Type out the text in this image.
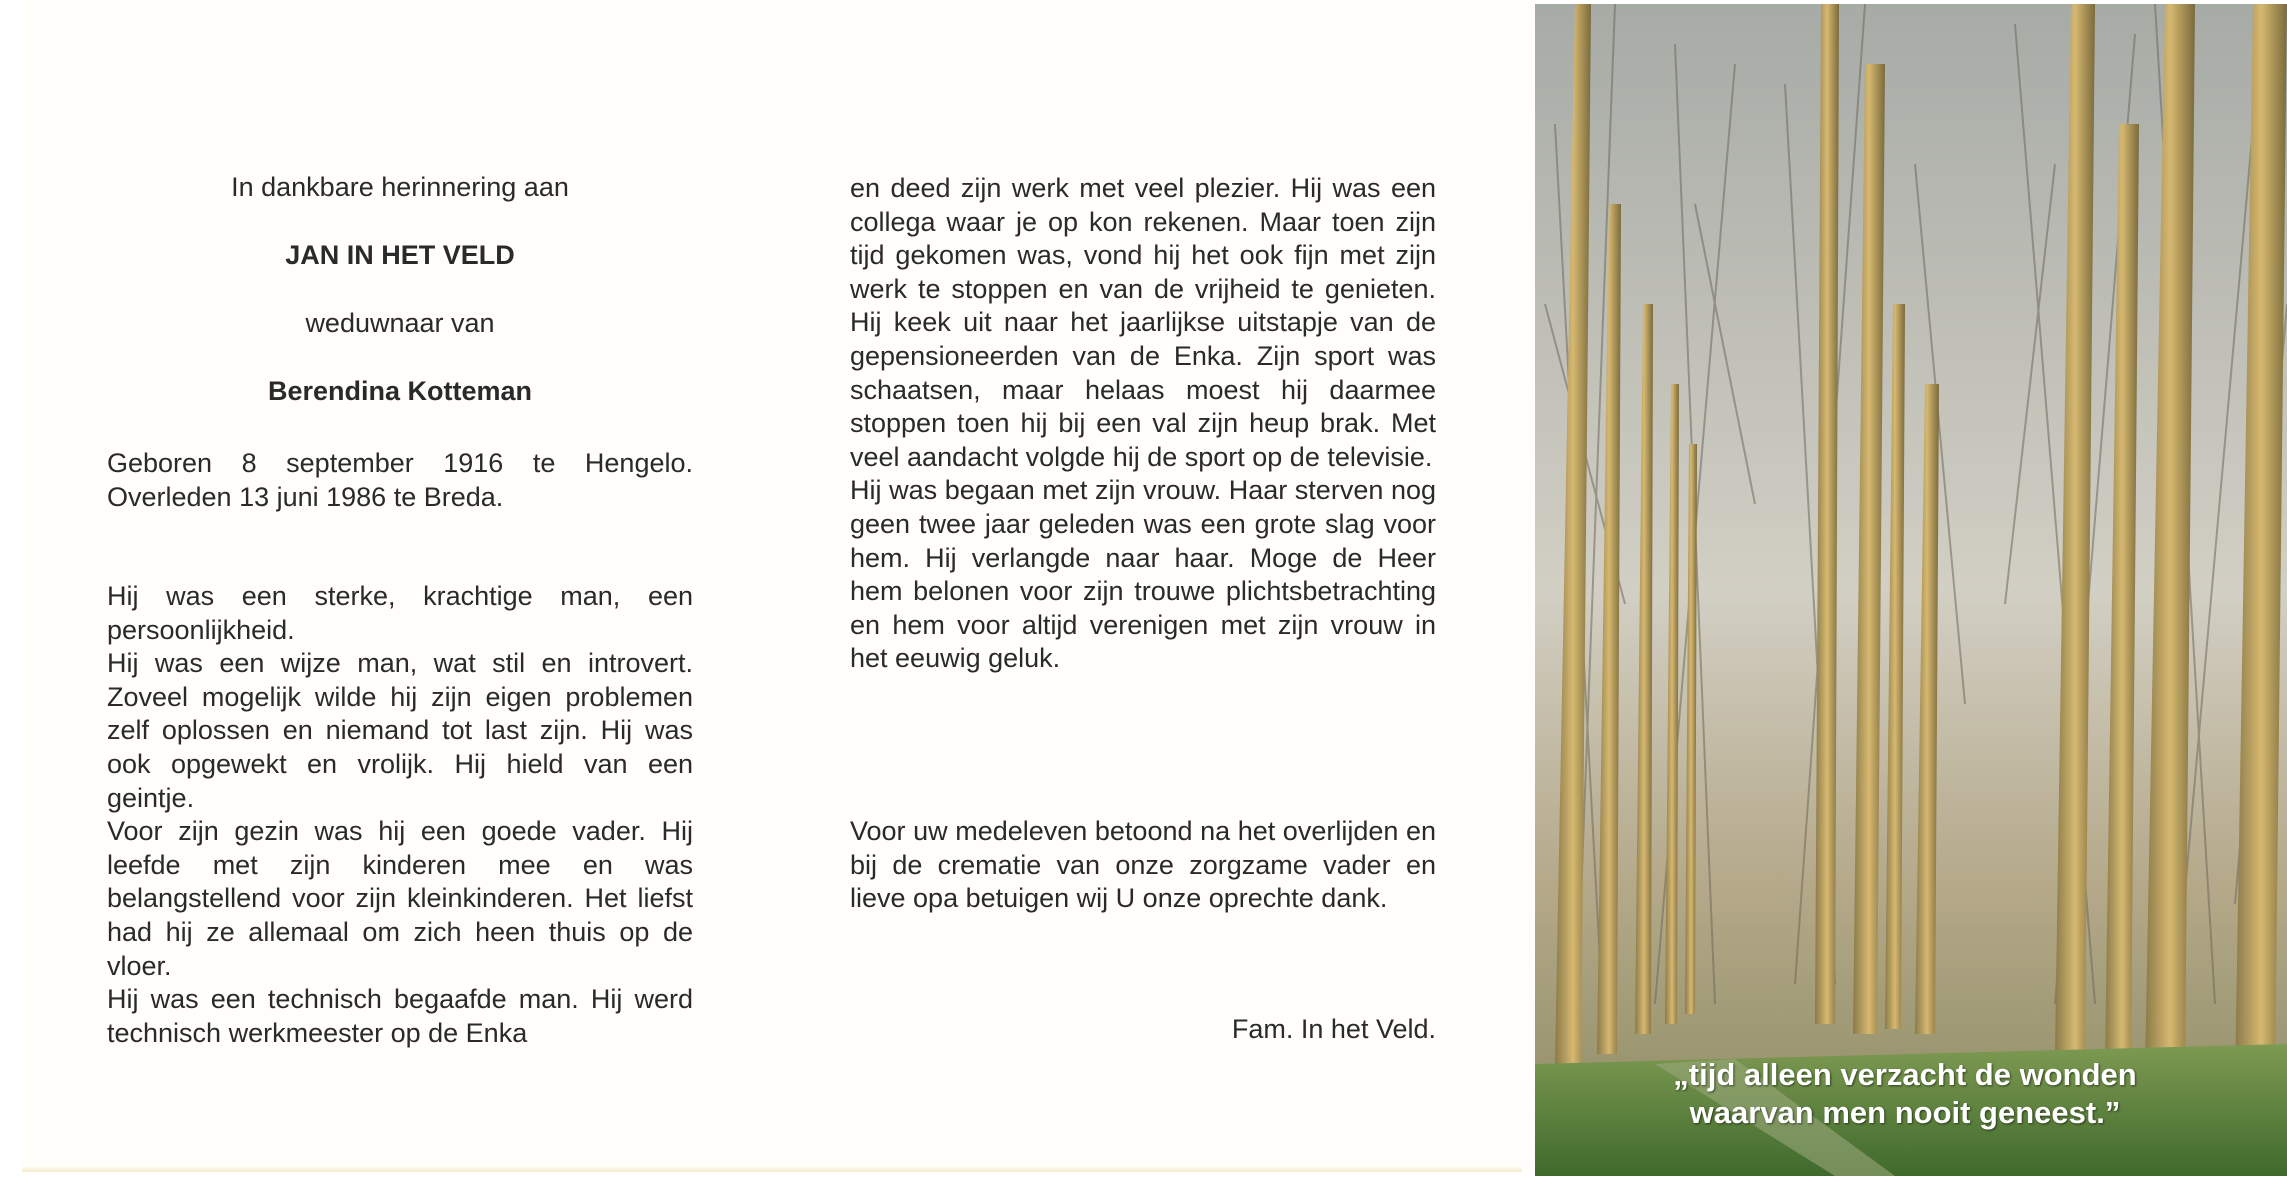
In dankbare herinnering aan
JAN IN HET VELD
weduwnaar van
Berendina Kotteman

Geboren 8 september 1916 te Hengelo.

Overleden 13 juni 1986 te Breda.

Hij was een sterke, krachtige man, een persoonlijkheid.

Hij was een wijze man, wat stil en introvert. Zoveel mogelijk wilde hij zijn eigen problemen zelf oplossen en niemand tot last zijn. Hij was ook opgewekt en vrolijk. Hij hield van een geintje.

Voor zijn gezin was hij een goede vader. Hij leefde met zijn kinderen mee en was belangstellend voor zijn kleinkinderen. Het liefst had hij ze allemaal om zich heen thuis op de vloer.

Hij was een technisch begaafde man. Hij werd technisch werkmeester op de Enka

en deed zijn werk met veel plezier. Hij was een collega waar je op kon rekenen. Maar toen zijn tijd gekomen was, vond hij het ook fijn met zijn werk te stoppen en van de vrijheid te genieten. Hij keek uit naar het jaarlijkse uitstapje van de gepensioneerden van de Enka. Zijn sport was schaatsen, maar helaas moest hij daarmee stoppen toen hij bij een val zijn heup brak. Met veel aandacht volgde hij de sport op de televisie.

Hij was begaan met zijn vrouw. Haar sterven nog geen twee jaar geleden was een grote slag voor hem. Hij verlangde naar haar. Moge de Heer hem belonen voor zijn trouwe plichtsbetrachting en hem voor altijd verenigen met zijn vrouw in het eeuwig geluk.

Voor uw medeleven betoond na het overlijden en bij de crematie van onze zorgzame vader en lieve opa betuigen wij U onze oprechte dank.

Fam. In het Veld.
„tijd alleen verzacht de wonden
waarvan men nooit geneest.”
